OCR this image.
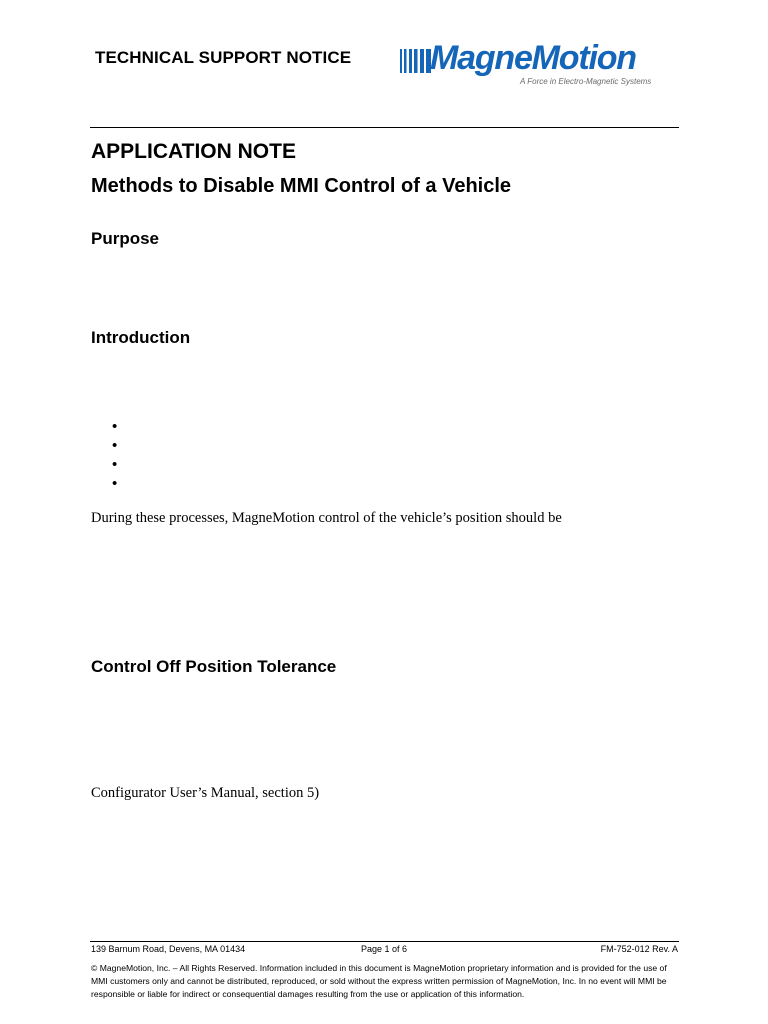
TECHNICAL SUPPORT NOTICE MagneMotion
A Force in Electro-Magnetic Systems
APPLICATION NOTE
Methods to Disable MMI Control of a Vehicle
Purpose
Introduction
•
•
•
•
During these processes, MagneMotion control of the vehicle’s position should be
Control Off Position Tolerance
Configurator User’s Manual, section 5)
139 Barnum Road, Devens, MA 01434	Page 1 of 6	FM-752-012 Rev. A
© MagneMotion, Inc. – All Rights Reserved. Information included in this document is MagneMotion proprietary information and is provided for the use of MMI customers only and cannot be distributed, reproduced, or sold without the express written permission of MagneMotion, Inc. In no event will MMI be responsible or liable for indirect or consequential damages resulting from the use or application of this information.
